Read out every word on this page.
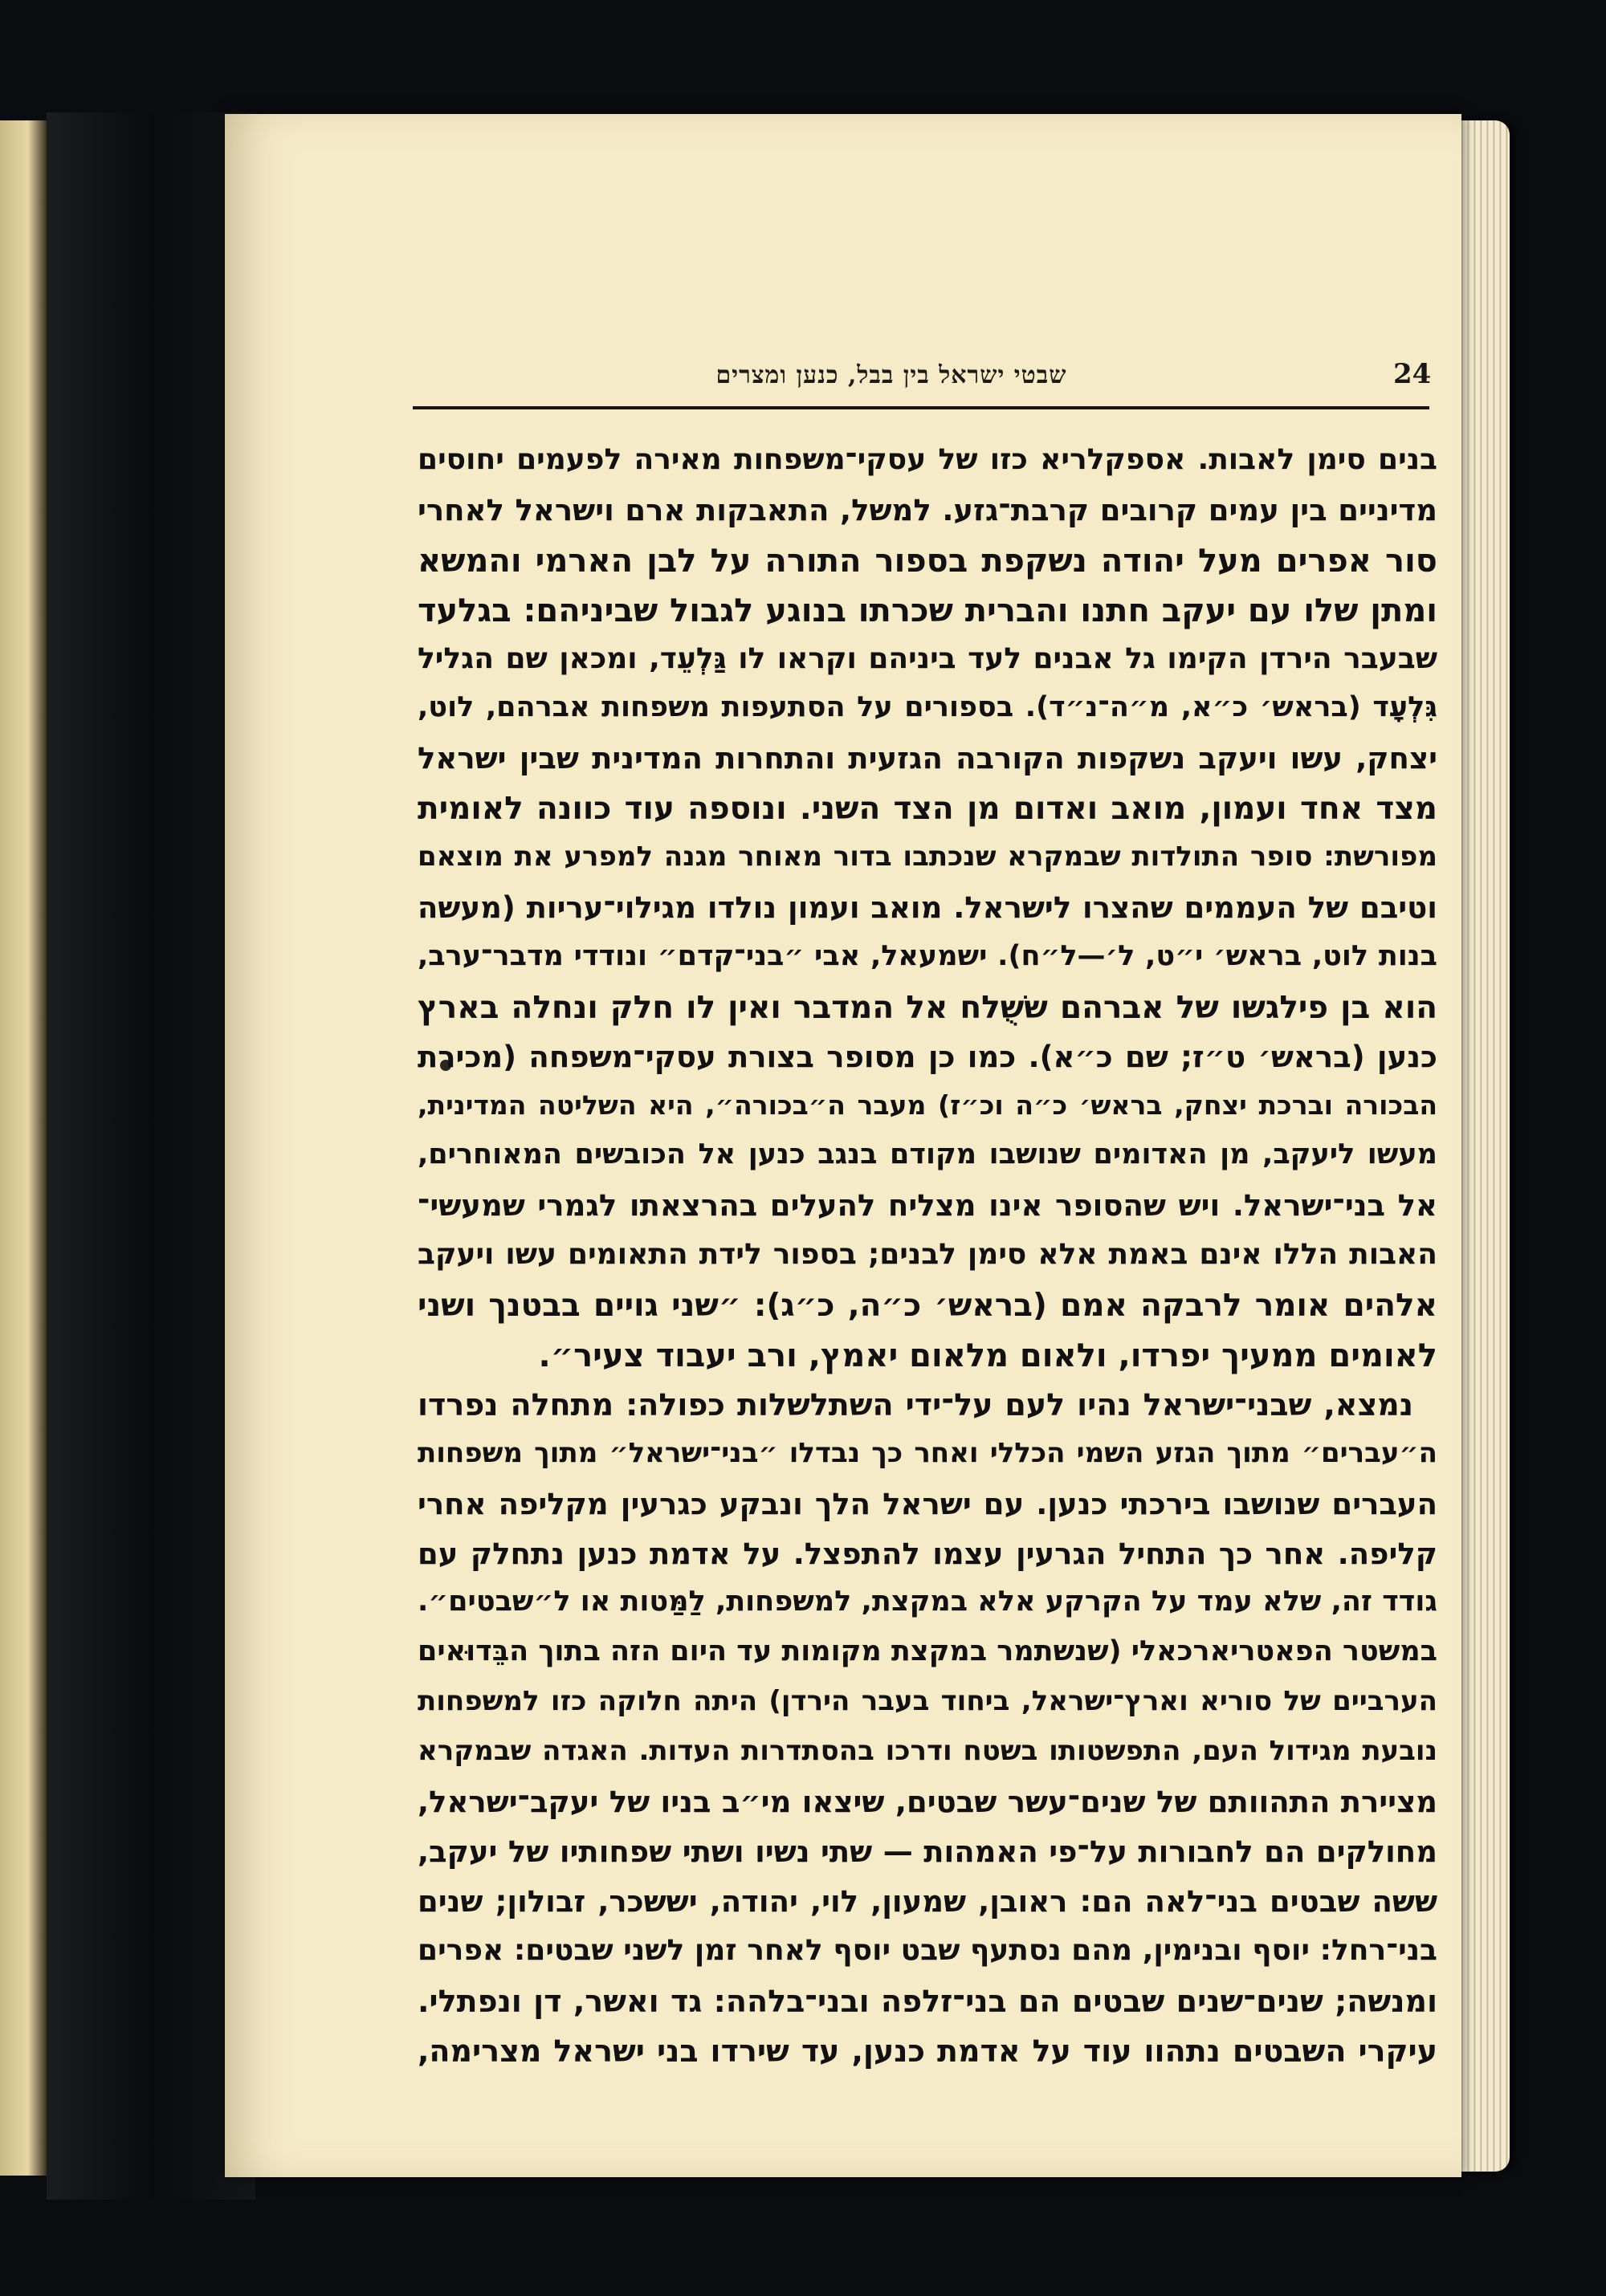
24
שבטי ישראל בין בבל, כנען ומצרים
בנים סימן לאבות. אספקלריא כזו של עסקי־משפחות מאירה לפעמים יחוסים
מדיניים בין עמים קרובים קרבת־גזע. למשל, התאבקות ארם וישראל לאחרי
סור אפרים מעל יהודה נשקפת בספור התורה על לבן הארמי והמשא
ומתן שלו עם יעקב חתנו והברית שכרתו בנוגע לגבול שביניהם: בגלעד
שבעבר הירדן הקימו גל אבנים לעד ביניהם וקראו לו גַּלְעֵד, ומכאן שם הגליל
גִּלְעָד (בראש׳ כ״א, מ״ה־נ״ד). בספורים על הסתעפות משפחות אברהם, לוט,
יצחק, עשו ויעקב נשקפות הקורבה הגזעית והתחרות המדינית שבין ישראל
מצד אחד ועמון, מואב ואדום מן הצד השני. ונוספה עוד כוונה לאומית
מפורשת: סופר התולדות שבמקרא שנכתבו בדור מאוחר מגנה למפרע את מוצאם
וטיבם של העממים שהצרו לישראל. מואב ועמון נולדו מגילוי־עריות (מעשה
בנות לוט, בראש׳ י״ט, ל׳—ל״ח). ישמעאל, אבי ״בני־קדם״ ונודדי מדבר־ערב,
הוא בן פילגשו של אברהם ששֻׁלח אל המדבר ואין לו חלק ונחלה בארץ
כנען (בראש׳ ט״ז; שם כ״א). כמו כן מסופר בצורת עסקי־משפחה (מכירת
הבכורה וברכת יצחק, בראש׳ כ״ה וכ״ז) מעבר ה״בכורה״, היא השליטה המדינית,
מעשו ליעקב, מן האדומים שנושבו מקודם בנגב כנען אל הכובשים המאוחרים,
אל בני־ישראל. ויש שהסופר אינו מצליח להעלים בהרצאתו לגמרי שמעשי־
האבות הללו אינם באמת אלא סימן לבנים; בספור לידת התאומים עשו ויעקב
אלהים אומר לרבקה אמם (בראש׳ כ״ה, כ״ג): ״שני גויים בבטנך ושני
לאומים ממעיך יפרדו, ולאום מלאום יאמץ, ורב יעבוד צעיר״.
נמצא, שבני־ישראל נהיו לעם על־ידי השתלשלות כפולה: מתחלה נפרדו
ה״עברים״ מתוך הגזע השמי הכללי ואחר כך נבדלו ״בני־ישראל״ מתוך משפחות
העברים שנושבו בירכתי כנען. עם ישראל הלך ונבקע כגרעין מקליפה אחרי
קליפה. אחר כך התחיל הגרעין עצמו להתפצל. על אדמת כנען נתחלק עם
גודד זה, שלא עמד על הקרקע אלא במקצת, למשפחות, לַמַּטות או ל״שבטים״.
במשטר הפאטריארכאלי (שנשתמר במקצת מקומות עד היום הזה בתוך הבֵּדוּאים
הערביים של סוריא וארץ־ישראל, ביחוד בעבר הירדן) היתה חלוקה כזו למשפחות
נובעת מגידול העם, התפשטותו בשטח ודרכו בהסתדרות העדות. האגדה שבמקרא
מציירת התהוותם של שנים־עשר שבטים, שיצאו מי״ב בניו של יעקב־ישראל,
מחולקים הם לחבורות על־פי האמהות — שתי נשיו ושתי שפחותיו של יעקב,
ששה שבטים בני־לאה הם: ראובן, שמעון, לוי, יהודה, יששכר, זבולון; שנים
בני־רחל: יוסף ובנימין, מהם נסתעף שבט יוסף לאחר זמן לשני שבטים: אפרים
ומנשה; שנים־שנים שבטים הם בני־זלפה ובני־בלהה: גד ואשר, דן ונפתלי.
עיקרי השבטים נתהוו עוד על אדמת כנען, עד שירדו בני ישראל מצרימה,
